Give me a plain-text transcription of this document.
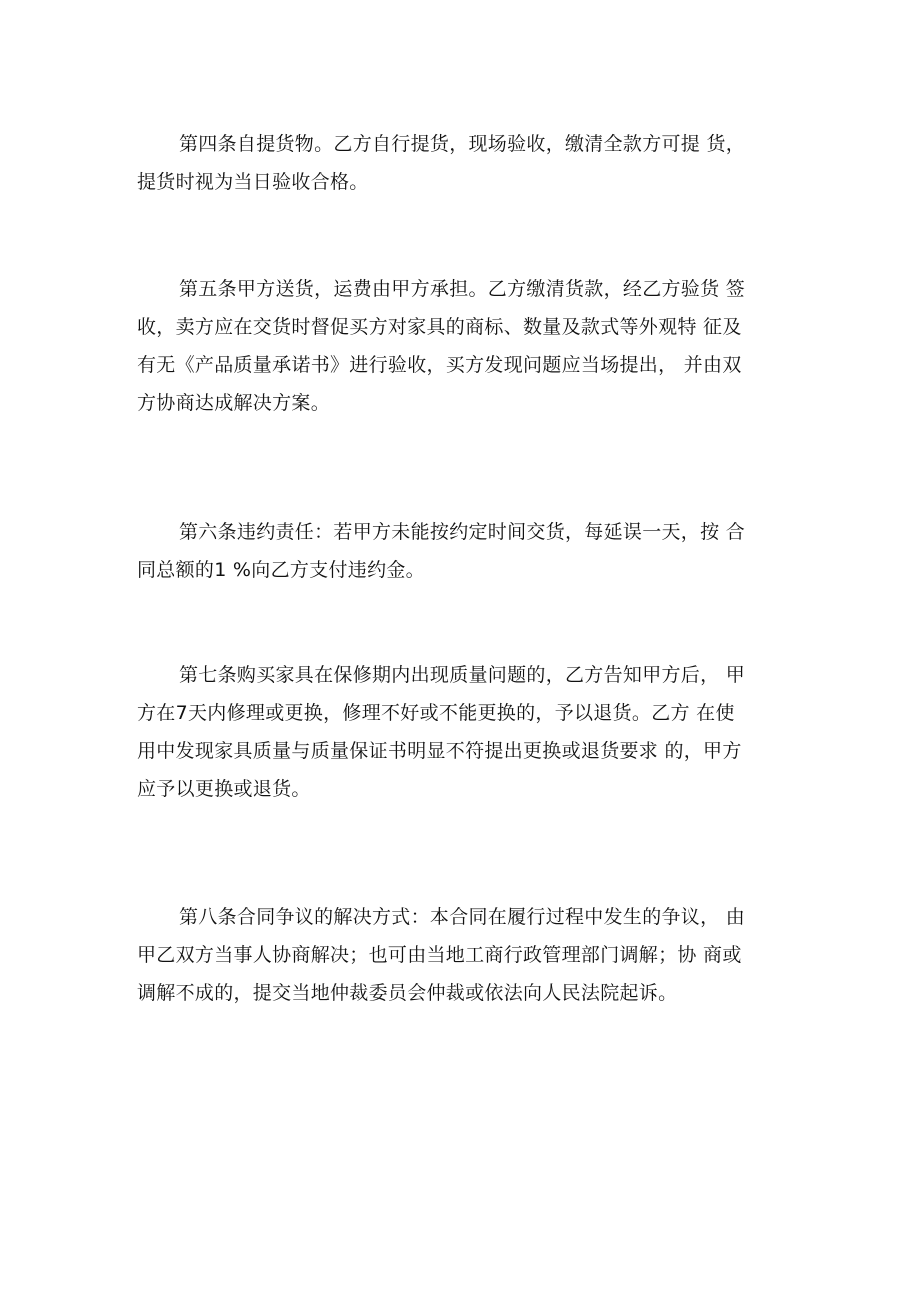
第四条自提货物。乙方自行提货，现场验收，缴清全款方可提 货，
提货时视为当日验收合格。

第五条甲方送货，运费由甲方承担。乙方缴清货款，经乙方验货 签
收，卖方应在交货时督促买方对家具的商标、数量及款式等外观特 征及
有无《产品质量承诺书》进行验收，买方发现问题应当场提出， 并由双
方协商达成解决方案。

第六条违约责任：若甲方未能按约定时间交货，每延误一天，按 合
同总额的1 %向乙方支付违约金。

第七条购买家具在保修期内出现质量问题的，乙方告知甲方后， 甲
方在7天内修理或更换，修理不好或不能更换的，予以退货。乙方 在使
用中发现家具质量与质量保证书明显不符提出更换或退货要求 的，甲方
应予以更换或退货。

第八条合同争议的解决方式：本合同在履行过程中发生的争议， 由
甲乙双方当事人协商解决；也可由当地工商行政管理部门调解；协 商或
调解不成的，提交当地仲裁委员会仲裁或依法向人民法院起诉。
